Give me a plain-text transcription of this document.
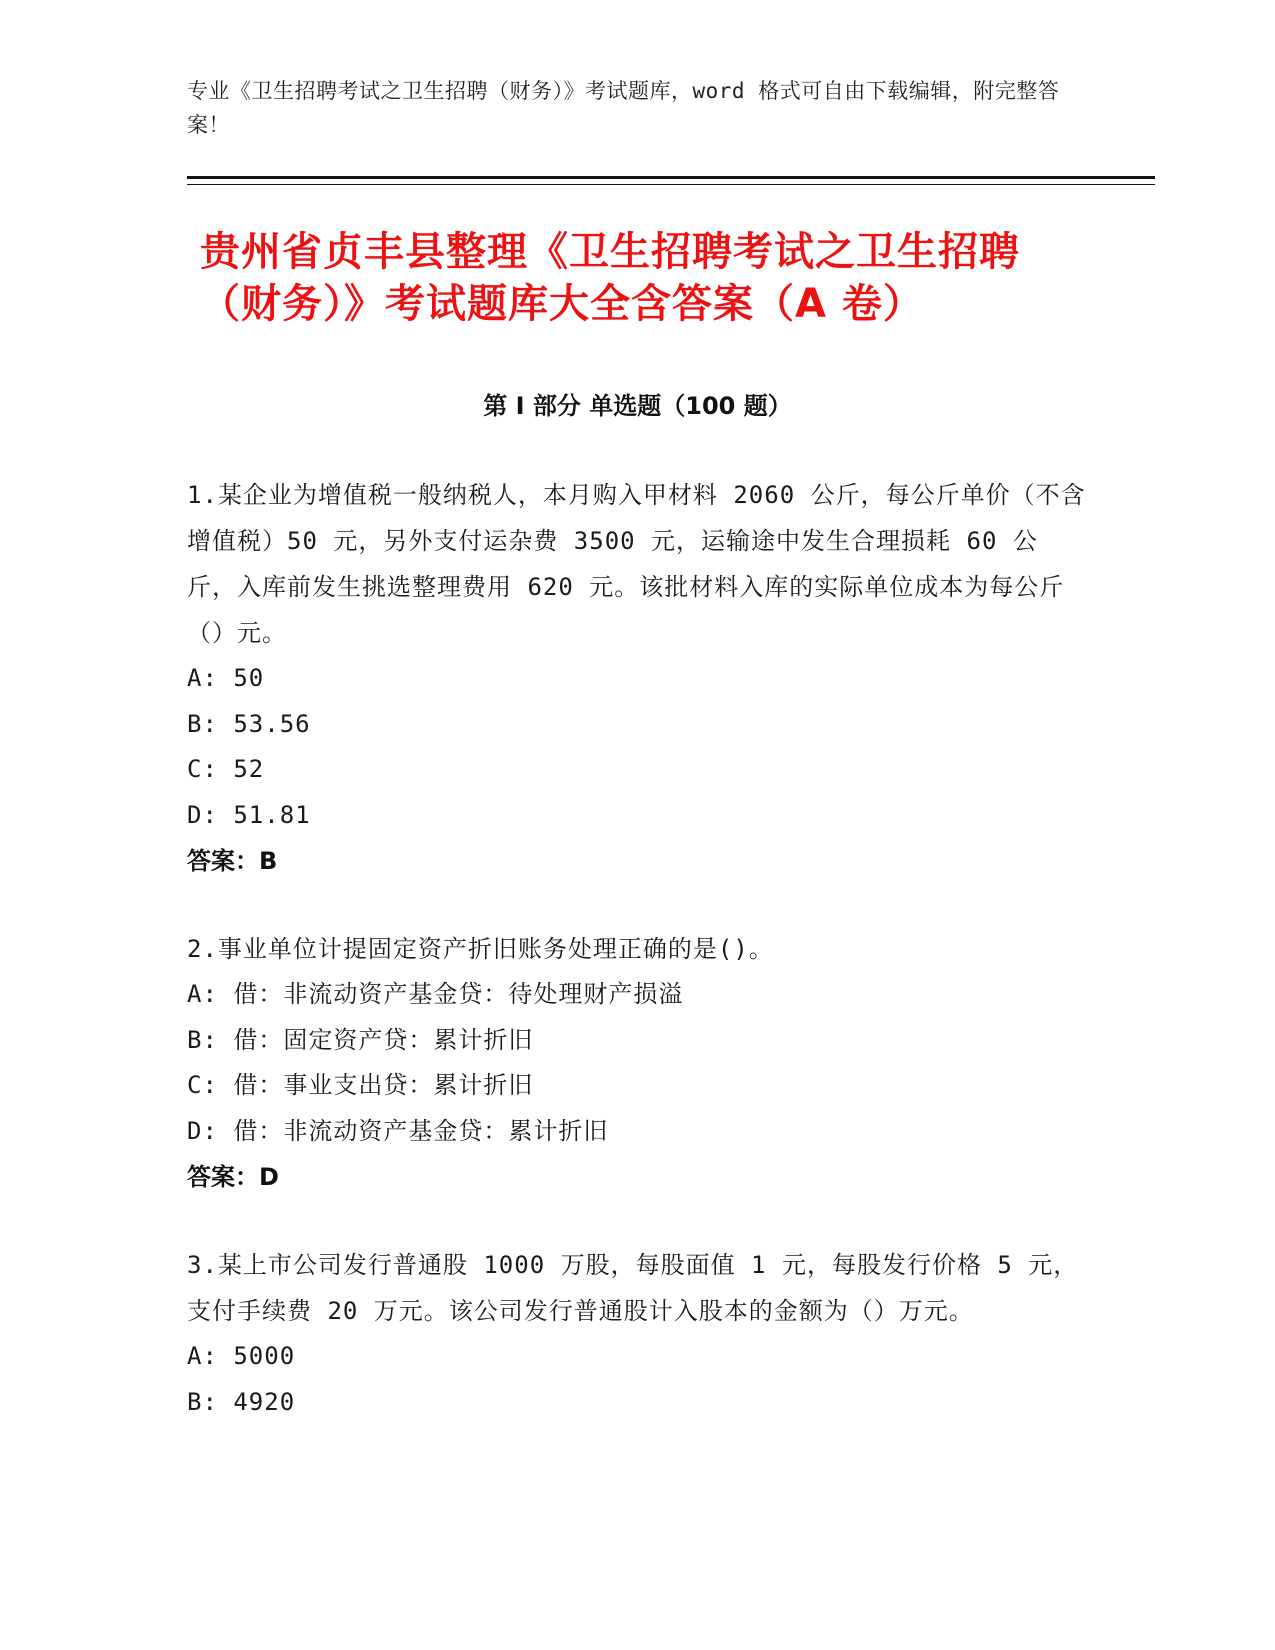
专业《卫生招聘考试之卫生招聘（财务）》考试题库，word 格式可自由下载编辑，附完整答案！
贵州省贞丰县整理《卫生招聘考试之卫生招聘（财务）》考试题库大全含答案（A 卷）
第 I 部分 单选题（100 题）
1.某企业为增值税一般纳税人，本月购入甲材料 2060 公斤，每公斤单价（不含增值税）50 元，另外支付运杂费 3500 元，运输途中发生合理损耗 60 公斤，入库前发生挑选整理费用 620 元。该批材料入库的实际单位成本为每公斤（）元。
A: 50
B: 53.56
C: 52
D: 51.81
答案：B
2.事业单位计提固定资产折旧账务处理正确的是()。
A: 借：非流动资产基金贷：待处理财产损溢
B: 借：固定资产贷：累计折旧
C: 借：事业支出贷：累计折旧
D: 借：非流动资产基金贷：累计折旧
答案：D
3.某上市公司发行普通股 1000 万股，每股面值 1 元，每股发行价格 5 元，支付手续费 20 万元。该公司发行普通股计入股本的金额为（）万元。
A: 5000
B: 4920
